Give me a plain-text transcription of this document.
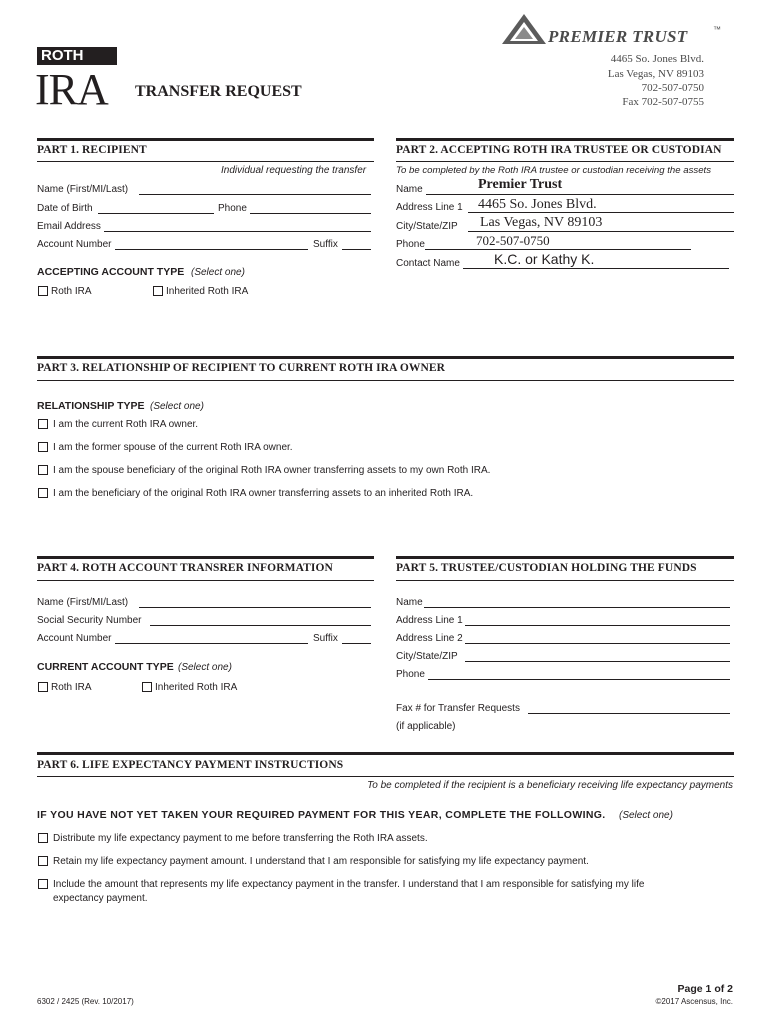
ROTH
IRA TRANSFER REQUEST
PREMIER TRUST	™
4465 So. Jones Blvd.
Las Vegas, NV 89103
702-507-0750
Fax 702-507-0755
PART 1. RECIPIENT
Individual requesting the transfer
Name (First/MI/Last)
Date of Birth	Phone
Email Address
Account Number	Suffix
ACCEPTING ACCOUNT TYPE (Select one)
Roth IRA	Inherited Roth IRA
PART 2. ACCEPTING ROTH IRA TRUSTEE OR CUSTODIAN
To be completed by the Roth IRA trustee or custodian receiving the assets
Name	Premier Trust
Address Line 1 4465 So. Jones Blvd.
City/State/ZIP Las Vegas, NV 89103
Phone	702-507-0750
Contact Name K.C. or Kathy K.
PART 3. RELATIONSHIP OF RECIPIENT TO CURRENT ROTH IRA OWNER
RELATIONSHIP TYPE (Select one)
I am the current Roth IRA owner.
I am the former spouse of the current Roth IRA owner.
I am the spouse beneficiary of the original Roth IRA owner transferring assets to my own Roth IRA.
I am the beneficiary of the original Roth IRA owner transferring assets to an inherited Roth IRA.
PART 4. ROTH ACCOUNT TRANSRER INFORMATION
Name (First/MI/Last)
Social Security Number
Account Number	Suffix
CURRENT ACCOUNT TYPE (Select one)
Roth IRA	Inherited Roth IRA
PART 5. TRUSTEE/CUSTODIAN HOLDING THE FUNDS
Name
Address Line 1
Address Line 2
City/State/ZIP
Phone
Fax # for Transfer Requests
(if applicable)
PART 6. LIFE EXPECTANCY PAYMENT INSTRUCTIONS
To be completed if the recipient is a beneficiary receiving life expectancy payments
IF YOU HAVE NOT YET TAKEN YOUR REQUIRED PAYMENT FOR THIS YEAR, COMPLETE THE FOLLOWING. (Select one)
Distribute my life expectancy payment to me before transferring the Roth IRA assets.
Retain my life expectancy payment amount. I understand that I am responsible for satisfying my life expectancy payment.
Include the amount that represents my life expectancy payment in the transfer. I understand that I am responsible for satisfying my life
expectancy payment.
Page 1 of 2
6302 / 2425 (Rev. 10/2017)	©2017 Ascensus, Inc.
